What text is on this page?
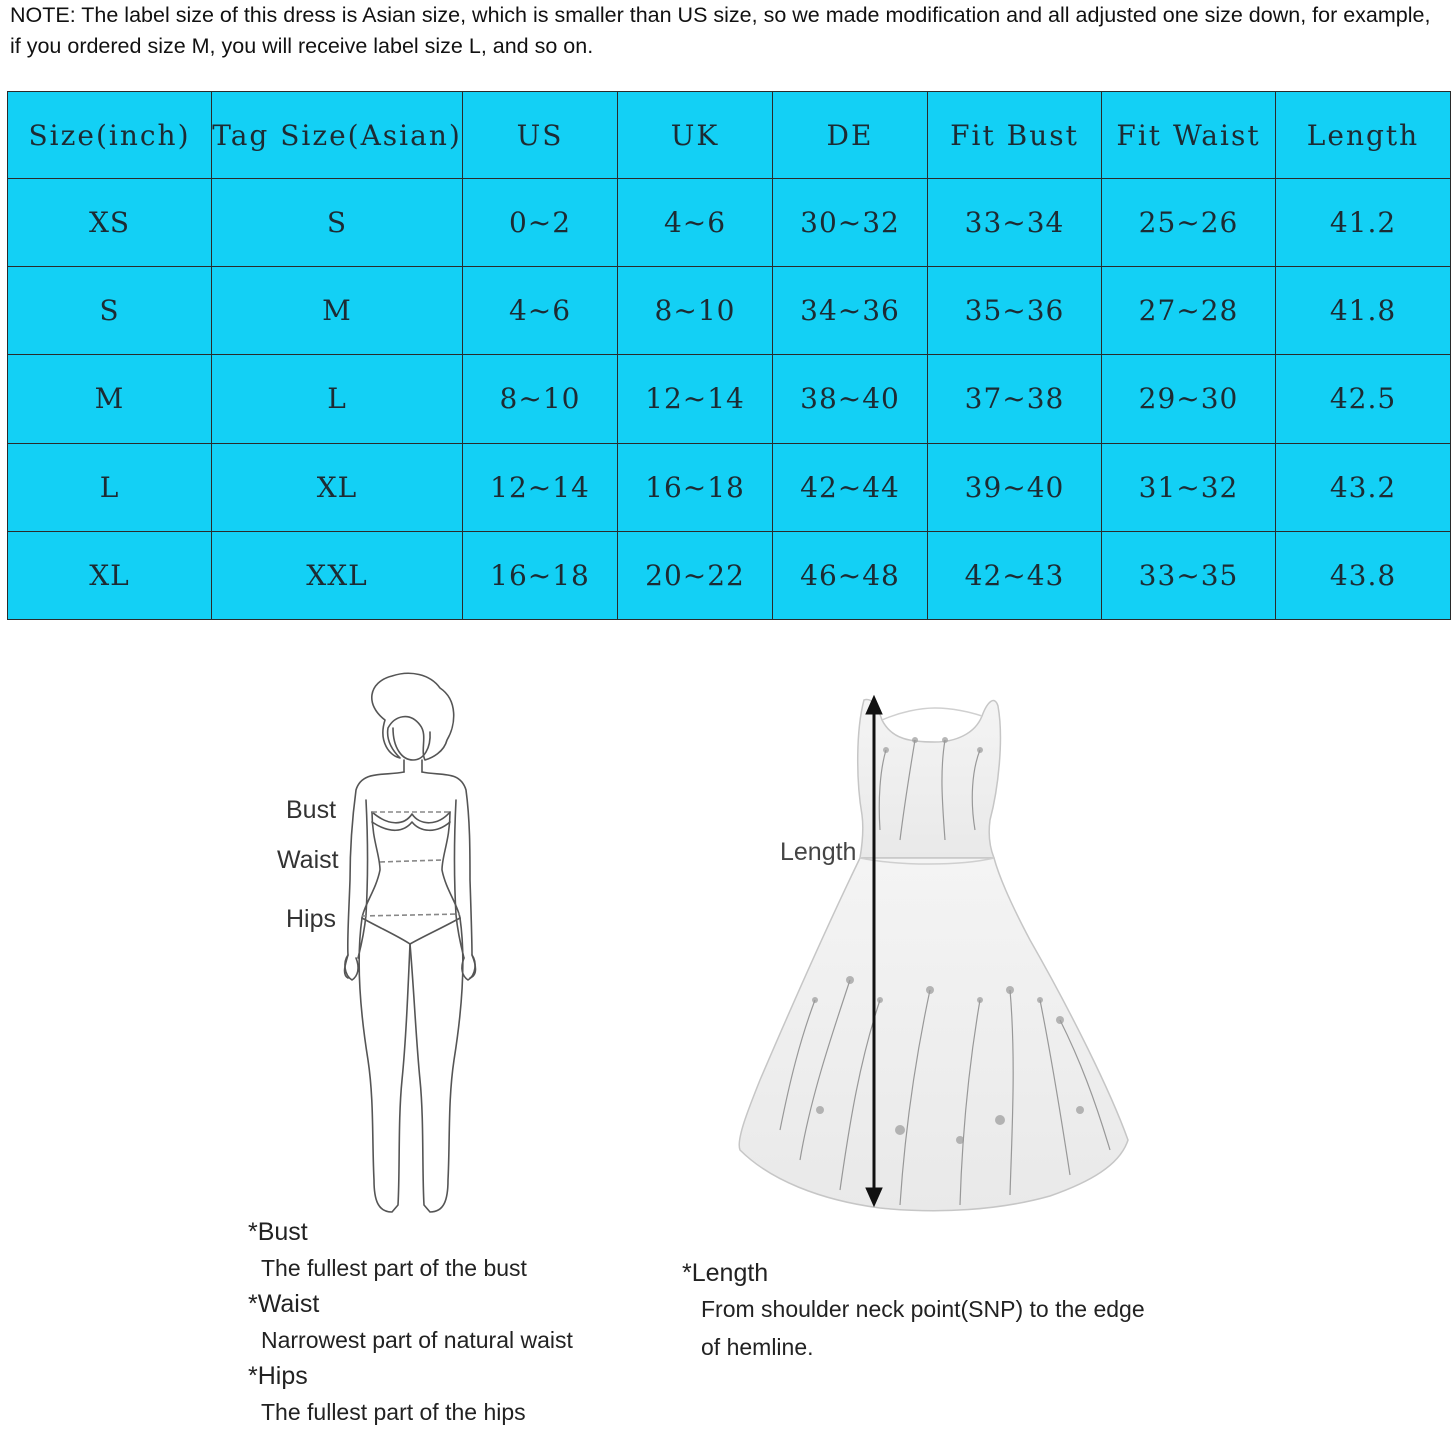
NOTE: The label size of this dress is Asian size, which is smaller than US size, so we made modification and all adjusted one size down, for example, if you ordered size M, you will receive label size L, and so on.

Size(inch)	Tag Size(Asian)	US	UK	DE	Fit Bust	Fit Waist	Length
XS	S	0~2	4~6	30~32	33~34	25~26	41.2
S	M	4~6	8~10	34~36	35~36	27~28	41.8
M	L	8~10	12~14	38~40	37~38	29~30	42.5
L	XL	12~14	16~18	42~44	39~40	31~32	43.2
XL	XXL	16~18	20~22	46~48	42~43	33~35	43.8
Bust
Waist
Hips
*Bust
The fullest part of the bust
*Waist
Narrowest part of natural waist
*Hips
The fullest part of the hips
Length
*Length
From shoulder neck point(SNP) to the edge
of hemline.
